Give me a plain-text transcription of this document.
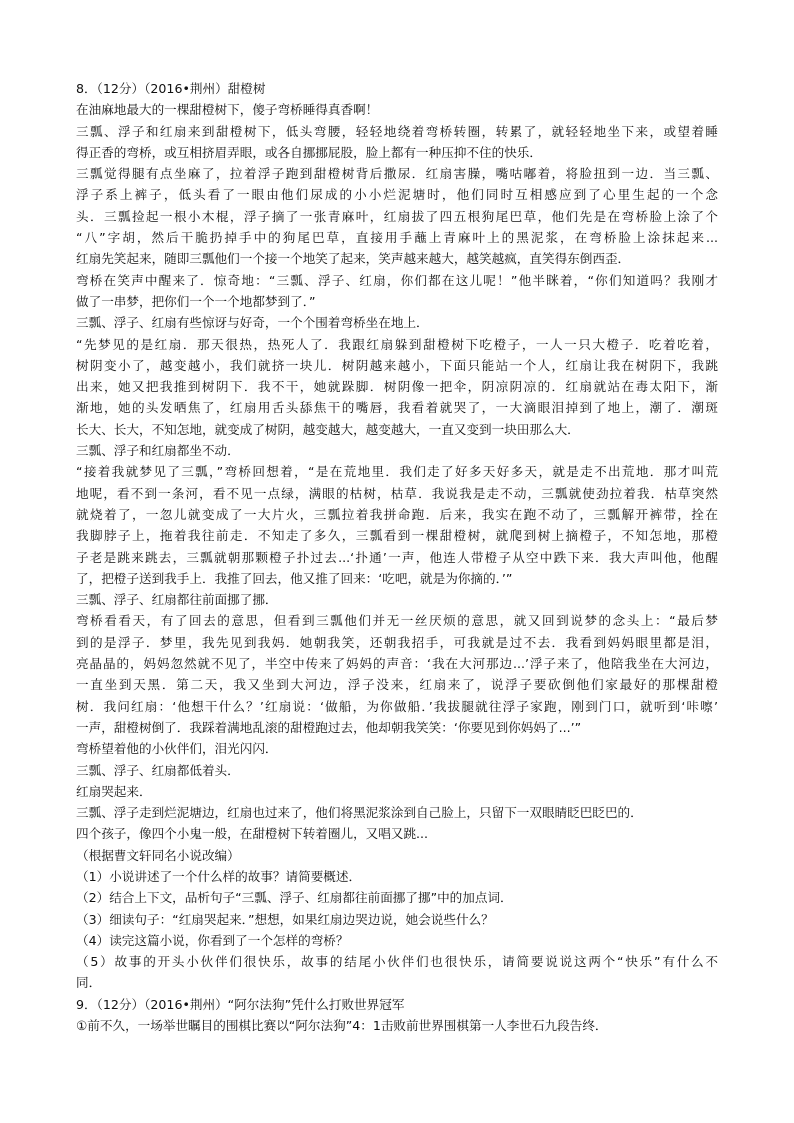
8．（12分）（2016•荆州）甜橙树
在油麻地最大的一棵甜橙树下，傻子弯桥睡得真香啊！
三瓢、浮子和红扇来到甜橙树下，低头弯腰，轻轻地绕着弯桥转圈，转累了，就轻轻地坐下来，或望着睡
得正香的弯桥，或互相挤眉弄眼，或各自挪挪屁股，脸上都有一种压抑不住的快乐．
三瓢觉得腿有点坐麻了，拉着浮子跑到甜橙树背后撒尿．红扇害臊，嘴咕嘟着，将脸扭到一边．当三瓢、
浮子系上裤子，低头看了一眼由他们尿成的小小烂泥塘时，他们同时互相感应到了心里生起的一个念
头．三瓢捡起一根小木棍，浮子摘了一张青麻叶，红扇拔了四五根狗尾巴草，他们先是在弯桥脸上涂了个
“八”字胡，然后干脆扔掉手中的狗尾巴草，直接用手蘸上青麻叶上的黑泥浆，在弯桥脸上涂抹起来...
红扇先笑起来，随即三瓢他们一个接一个地笑了起来，笑声越来越大，越笑越疯，直笑得东倒西歪．
弯桥在笑声中醒来了．惊奇地：“三瓢、浮子、红扇，你们都在这儿呢！”他半眯着，“你们知道吗？我刚才
做了一串梦，把你们一个一个地都梦到了．”
三瓢、浮子、红扇有些惊讶与好奇，一个个围着弯桥坐在地上．
“先梦见的是红扇．那天很热，热死人了．我跟红扇躲到甜橙树下吃橙子，一人一只大橙子．吃着吃着，
树阴变小了，越变越小，我们就挤一块儿．树阴越来越小，下面只能站一个人，红扇让我在树阴下，我跳
出来，她又把我推到树阴下．我不干，她就跺脚．树阴像一把伞，阴凉阴凉的．红扇就站在毒太阳下，渐
渐地，她的头发晒焦了，红扇用舌头舔焦干的嘴唇，我看着就哭了，一大滴眼泪掉到了地上，潮了．潮斑
长大、长大，不知怎地，就变成了树阴，越变越大，越变越大，一直又变到一块田那么大．
三瓢、浮子和红扇都坐不动．
“接着我就梦见了三瓢，”弯桥回想着，“是在荒地里．我们走了好多天好多天，就是走不出荒地．那才叫荒
地呢，看不到一条河，看不见一点绿，满眼的枯树，枯草．我说我是走不动，三瓢就使劲拉着我．枯草突然
就烧着了，一忽儿就变成了一大片火，三瓢拉着我拼命跑．后来，我实在跑不动了，三瓢解开裤带，拴在
我脚脖子上，拖着我往前走．不知走了多久，三瓢看到一棵甜橙树，就爬到树上摘橙子，不知怎地，那橙
子老是跳来跳去，三瓢就朝那颗橙子扑过去...‘扑通’一声，他连人带橙子从空中跌下来．我大声叫他，他醒
了，把橙子送到我手上．我推了回去，他又推了回来：‘吃吧，就是为你摘的．’”
三瓢、浮子、红扇都往前面挪了挪．
弯桥看看天，有了回去的意思，但看到三瓢他们并无一丝厌烦的意思，就又回到说梦的念头上：“最后梦
到的是浮子．梦里，我先见到我妈．她朝我笑，还朝我招手，可我就是过不去．我看到妈妈眼里都是泪，
亮晶晶的，妈妈忽然就不见了，半空中传来了妈妈的声音：‘我在大河那边...’浮子来了，他陪我坐在大河边，
一直坐到天黑．第二天，我又坐到大河边，浮子没来，红扇来了，说浮子要砍倒他们家最好的那棵甜橙
树．我问红扇：‘他想干什么？’红扇说：‘做船，为你做船．’我拔腿就往浮子家跑，刚到门口，就听到‘咔嚓’
一声，甜橙树倒了．我踩着满地乱滚的甜橙跑过去，他却朝我笑笑：‘你要见到你妈妈了...’”
弯桥望着他的小伙伴们，泪光闪闪．
三瓢、浮子、红扇都低着头．
红扇哭起来．
三瓢、浮子走到烂泥塘边，红扇也过来了，他们将黑泥浆涂到自己脸上，只留下一双眼睛眨巴眨巴的．
四个孩子，像四个小鬼一般，在甜橙树下转着圈儿，又唱又跳...
（根据曹文轩同名小说改编）
（1）小说讲述了一个什么样的故事？请简要概述．
（2）结合上下文，品析句子“三瓢、浮子、红扇都往前面挪了挪”中的加点词．
（3）细读句子：“红扇哭起来．”想想，如果红扇边哭边说，她会说些什么？
（4）读完这篇小说，你看到了一个怎样的弯桥？
（5）故事的开头小伙伴们很快乐，故事的结尾小伙伴们也很快乐，请简要说说这两个“快乐”有什么不
同．
9．（12分）（2016•荆州）“阿尔法狗”凭什么打败世界冠军
①前不久，一场举世瞩目的围棋比赛以“阿尔法狗”4：1击败前世界围棋第一人李世石九段告终．
